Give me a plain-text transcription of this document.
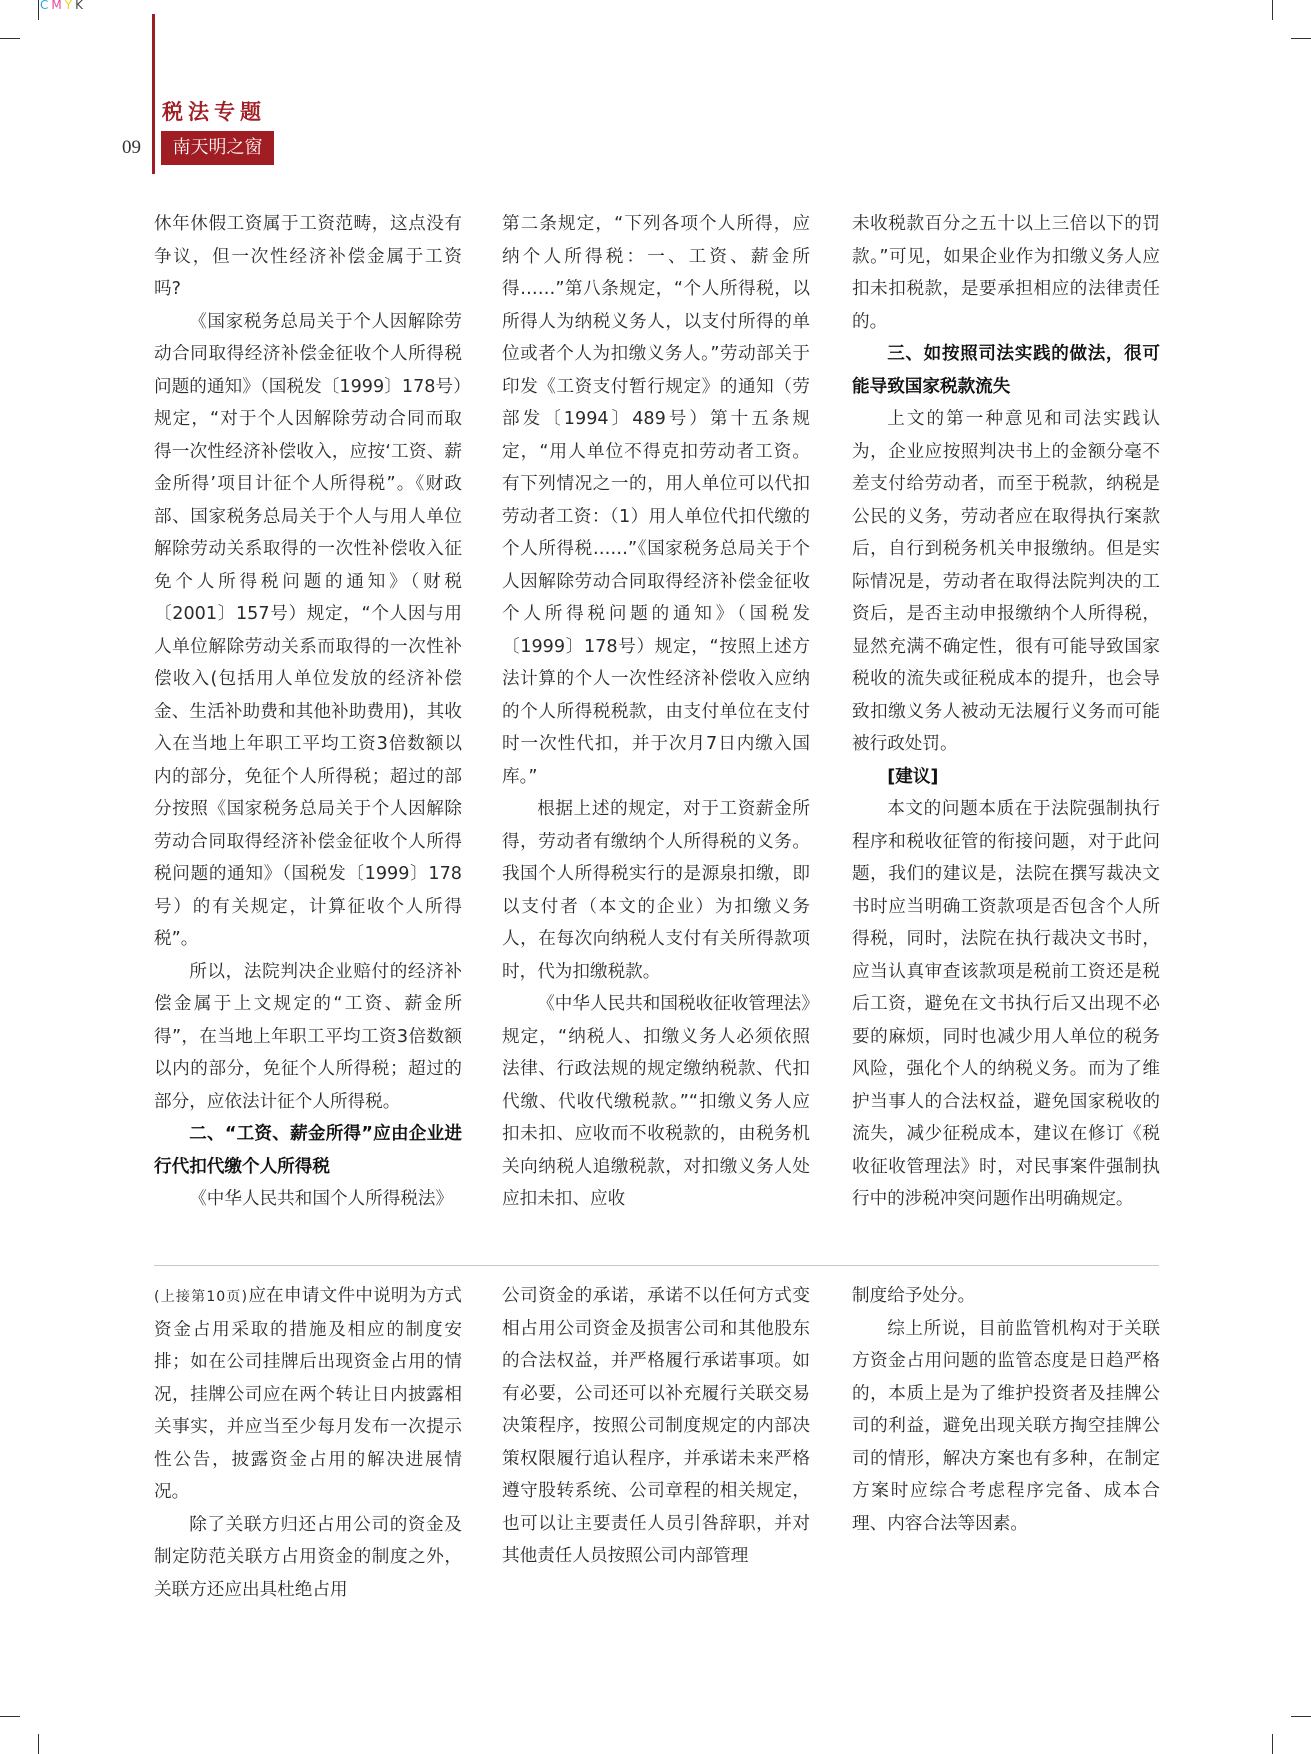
CMYK
税法专题
09	南天明之窗

休年休假工资属于工资范畴，这点没有争议，但一次性经济补偿金属于工资吗?

《国家税务总局关于个人因解除劳动合同取得经济补偿金征收个人所得税问题的通知》（国税发〔1999〕178号）规定，“对于个人因解除劳动合同而取得一次性经济补偿收入，应按‘工资、薪金所得’项目计征个人所得税”。《财政部、国家税务总局关于个人与用人单位解除劳动关系取得的一次性补偿收入征免个人所得税问题的通知》（财税〔2001〕157号）规定，“个人因与用人单位解除劳动关系而取得的一次性补偿收入(包括用人单位发放的经济补偿金、生活补助费和其他补助费用)，其收入在当地上年职工平均工资3倍数额以内的部分，免征个人所得税；超过的部分按照《国家税务总局关于个人因解除劳动合同取得经济补偿金征收个人所得税问题的通知》（国税发〔1999〕178号）的有关规定，计算征收个人所得税”。

所以，法院判决企业赔付的经济补偿金属于上文规定的“工资、薪金所得”，在当地上年职工平均工资3倍数额以内的部分，免征个人所得税；超过的部分，应依法计征个人所得税。

二、“工资、薪金所得”应由企业进行代扣代缴个人所得税

《中华人民共和国个人所得税法》

第二条规定，“下列各项个人所得，应纳个人所得税：一、工资、薪金所得……”第八条规定，“个人所得税，以所得人为纳税义务人，以支付所得的单位或者个人为扣缴义务人。”劳动部关于印发《工资支付暂行规定》的通知（劳部发〔1994〕489号）第十五条规定，“用人单位不得克扣劳动者工资。有下列情况之一的，用人单位可以代扣劳动者工资：（1）用人单位代扣代缴的个人所得税……”《国家税务总局关于个人因解除劳动合同取得经济补偿金征收个人所得税问题的通知》（国税发〔1999〕178号）规定，“按照上述方法计算的个人一次性经济补偿收入应纳的个人所得税税款，由支付单位在支付时一次性代扣，并于次月7日内缴入国库。”

根据上述的规定，对于工资薪金所得，劳动者有缴纳个人所得税的义务。我国个人所得税实行的是源泉扣缴，即以支付者（本文的企业）为扣缴义务人，在每次向纳税人支付有关所得款项时，代为扣缴税款。

《中华人民共和国税收征收管理法》规定，“纳税人、扣缴义务人必须依照法律、行政法规的规定缴纳税款、代扣代缴、代收代缴税款。”“扣缴义务人应扣未扣、应收而不收税款的，由税务机关向纳税人追缴税款，对扣缴义务人处应扣未扣、应收

未收税款百分之五十以上三倍以下的罚款。”可见，如果企业作为扣缴义务人应扣未扣税款，是要承担相应的法律责任的。

三、如按照司法实践的做法，很可能导致国家税款流失

上文的第一种意见和司法实践认为，企业应按照判决书上的金额分毫不差支付给劳动者，而至于税款，纳税是公民的义务，劳动者应在取得执行案款后，自行到税务机关申报缴纳。但是实际情况是，劳动者在取得法院判决的工资后，是否主动申报缴纳个人所得税，显然充满不确定性，很有可能导致国家税收的流失或征税成本的提升，也会导致扣缴义务人被动无法履行义务而可能被行政处罚。

[建议]

本文的问题本质在于法院强制执行程序和税收征管的衔接问题，对于此问题，我们的建议是，法院在撰写裁决文书时应当明确工资款项是否包含个人所得税，同时，法院在执行裁决文书时，应当认真审查该款项是税前工资还是税后工资，避免在文书执行后又出现不必要的麻烦，同时也减少用人单位的税务风险，强化个人的纳税义务。而为了维护当事人的合法权益，避免国家税收的流失，减少征税成本，建议在修订《税收征收管理法》时，对民事案件强制执行中的涉税冲突问题作出明确规定。

(上接第10页)应在申请文件中说明为方式资金占用采取的措施及相应的制度安排；如在公司挂牌后出现资金占用的情况，挂牌公司应在两个转让日内披露相关事实，并应当至少每月发布一次提示性公告，披露资金占用的解决进展情况。

除了关联方归还占用公司的资金及制定防范关联方占用资金的制度之外，关联方还应出具杜绝占用

公司资金的承诺，承诺不以任何方式变相占用公司资金及损害公司和其他股东的合法权益，并严格履行承诺事项。如有必要，公司还可以补充履行关联交易决策程序，按照公司制度规定的内部决策权限履行追认程序，并承诺未来严格遵守股转系统、公司章程的相关规定，也可以让主要责任人员引咎辞职，并对其他责任人员按照公司内部管理

制度给予处分。

综上所说，目前监管机构对于关联方资金占用问题的监管态度是日趋严格的，本质上是为了维护投资者及挂牌公司的利益，避免出现关联方掏空挂牌公司的情形，解决方案也有多种，在制定方案时应综合考虑程序完备、成本合理、内容合法等因素。
